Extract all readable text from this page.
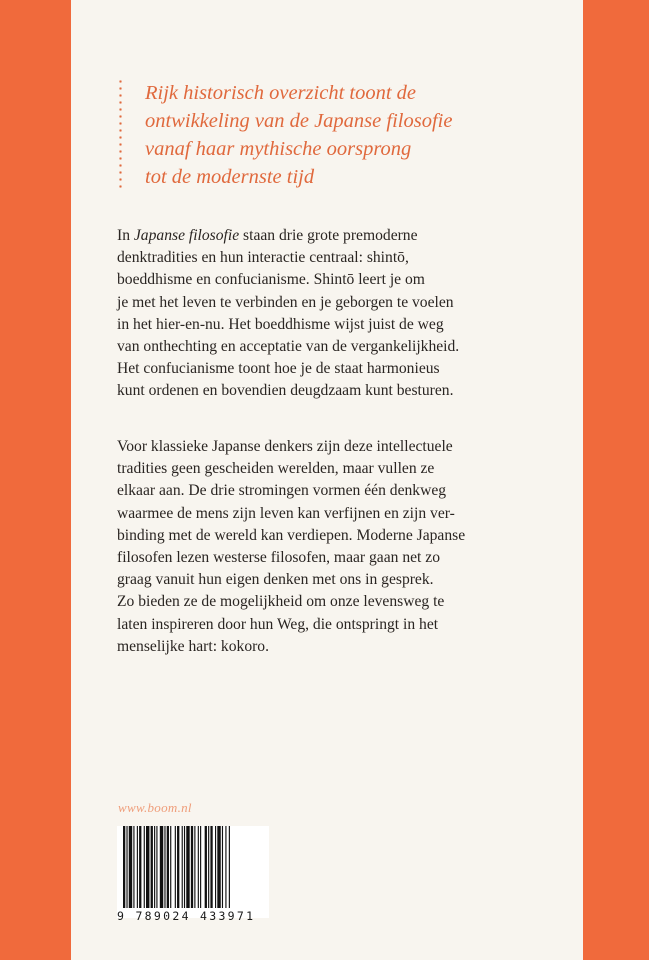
Rijk historisch overzicht toont de
ontwikkeling van de Japanse filosofie
vanaf haar mythische oorsprong
tot de modernste tijd
In Japanse filosofie staan drie grote premoderne
denktradities en hun interactie centraal: shintō,
boeddhisme en confucianisme. Shintō leert je om
je met het leven te verbinden en je geborgen te voelen
in het hier-en-nu. Het boeddhisme wijst juist de weg
van onthechting en acceptatie van de vergankelijkheid.
Het confucianisme toont hoe je de staat harmonieus
kunt ordenen en bovendien deugdzaam kunt besturen.
Voor klassieke Japanse denkers zijn deze intellectuele
tradities geen gescheiden werelden, maar vullen ze
elkaar aan. De drie stromingen vormen één denkweg
waarmee de mens zijn leven kan verfijnen en zijn ver-
binding met de wereld kan verdiepen. Moderne Japanse
filosofen lezen westerse filosofen, maar gaan net zo
graag vanuit hun eigen denken met ons in gesprek.
Zo bieden ze de mogelijkheid om onze levensweg te
laten inspireren door hun Weg, die ontspringt in het
menselijke hart: kokoro.
www.boom.nl
9 789024 433971
